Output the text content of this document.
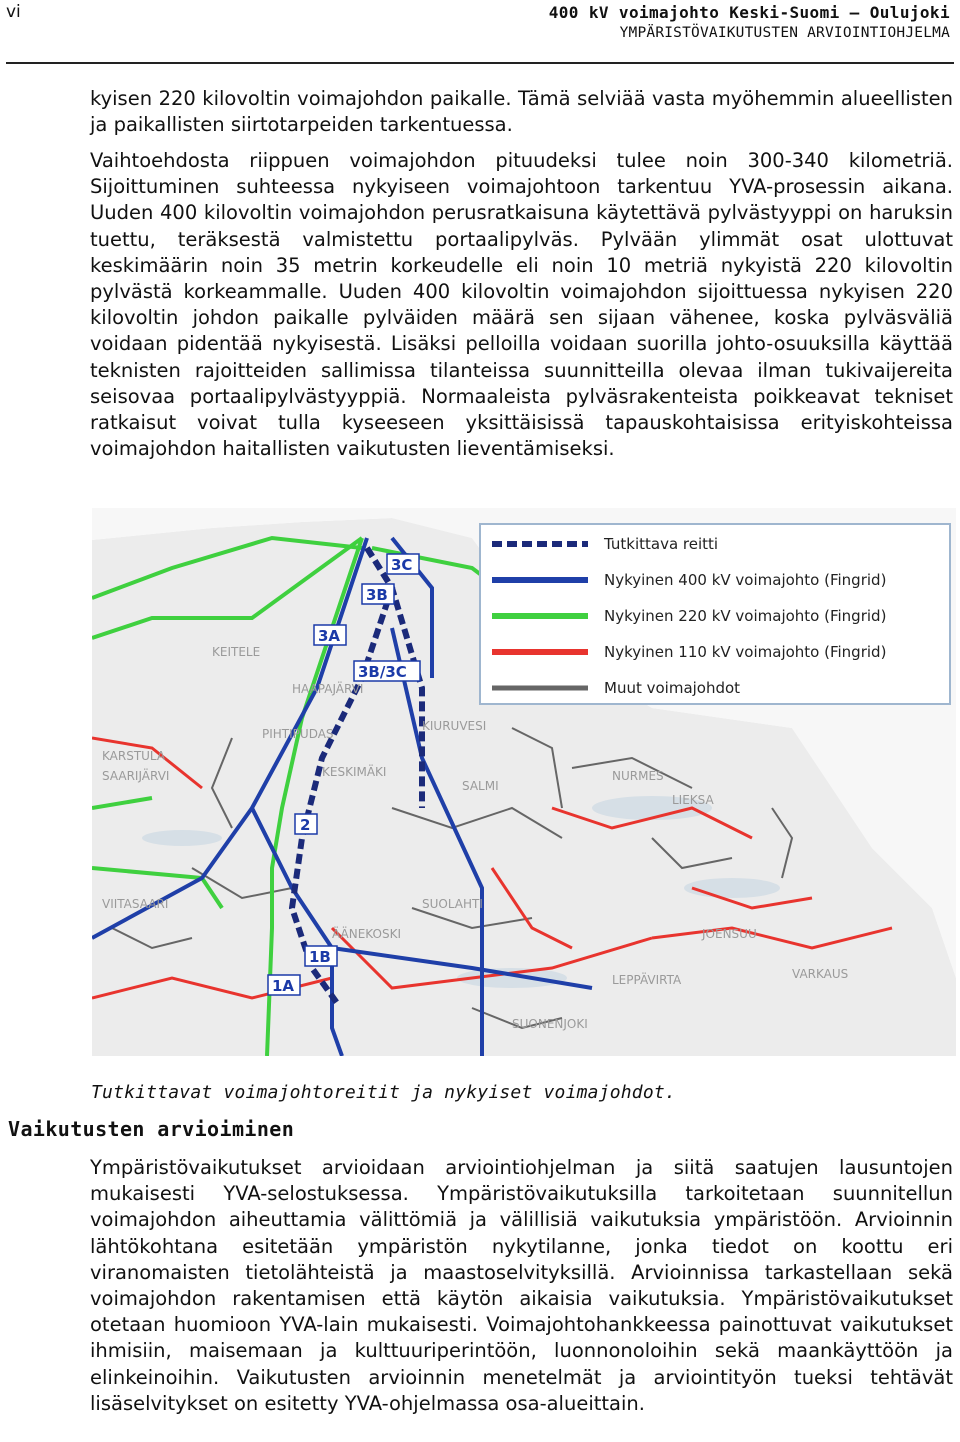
vi	400 kV voimajohto Keski-Suomi – Oulujoki
YMPÄRISTÖVAIKUTUSTEN ARVIOINTIOHJELMA

kyisen 220 kilovoltin voimajohdon paikalle. Tämä selviää vasta myöhemmin alueellisten ja paikallisten siirtotarpeiden tarkentuessa.

Vaihtoehdosta riippuen voimajohdon pituudeksi tulee noin 300-340 kilometriä. Sijoittuminen suhteessa nykyiseen voimajohtoon tarkentuu YVA-prosessin aikana. Uuden 400 kilovoltin voimajohdon perusratkaisuna käytettävä pylvästyyppi on haruksin tuettu, teräksestä valmistettu portaalipylväs. Pylvään ylimmät osat ulottuvat keskimäärin noin 35 metrin korkeudelle eli noin 10 metriä nykyistä 220 kilovoltin pylvästä korkeammalle. Uuden 400 kilovoltin voimajohdon sijoittuessa nykyisen 220 kilovoltin johdon paikalle pylväiden määrä sen sijaan vähenee, koska pylväsväliä voidaan pidentää nykyisestä. Lisäksi pelloilla voidaan suorilla johto-osuuksilla käyttää teknisten rajoitteiden sallimissa tilanteissa suunnitteilla olevaa ilman tukivaijereita seisovaa portaalipylvästyyppiä. Normaaleista pylväsrakenteista poikkeavat tekniset ratkaisut voivat tulla kyseeseen yksittäisissä tapauskohtaisissa erityiskohteissa voimajohdon haitallisten vaikutusten lieventämiseksi.

Tutkittava reitti
Nykyinen 400 kV voimajohto (Fingrid)
Nykyinen 220 kV voimajohto (Fingrid)
Nykyinen 110 kV voimajohto (Fingrid)
Muut voimajohdot
HAAPAJÄRVI
PIHTIPUDAS
KESKIMÄKI
ÄÄNEKOSKI
SUOLAHTI
KARSTULA
SAARIJÄRVI
KEITELE
NURMES
LIEKSA
JOENSUU
VIITASAARI
KIURUVESI
SALMI
SUONENJOKI
LEPPÄVIRTA	VARKAUS
3C
3B
3A
3B/3C
2
1B
1A
Tutkittavat voimajohtoreitit ja nykyiset voimajohdot.
Vaikutusten arvioiminen

Ympäristövaikutukset arvioidaan arviointiohjelman ja siitä saatujen lausuntojen mukaisesti YVA-selostuksessa. Ympäristövaikutuksilla tarkoitetaan suunnitellun voimajohdon aiheuttamia välittömiä ja välillisiä vaikutuksia ympäristöön. Arvioinnin lähtökohtana esitetään ympäristön nykytilanne, jonka tiedot on koottu eri viranomaisten tietolähteistä ja maastoselvityksillä. Arvioinnissa tarkastellaan sekä voimajohdon rakentamisen että käytön aikaisia vaikutuksia. Ympäristövaikutukset otetaan huomioon YVA-lain mukaisesti. Voimajohtohankkeessa painottuvat vaikutukset ihmisiin, maisemaan ja kulttuuriperintöön, luonnonoloihin sekä maankäyttöön ja elinkeinoihin. Vaikutusten arvioinnin menetelmät ja arviointityön tueksi tehtävät lisäselvitykset on esitetty YVA-ohjelmassa osa-alueittain.
